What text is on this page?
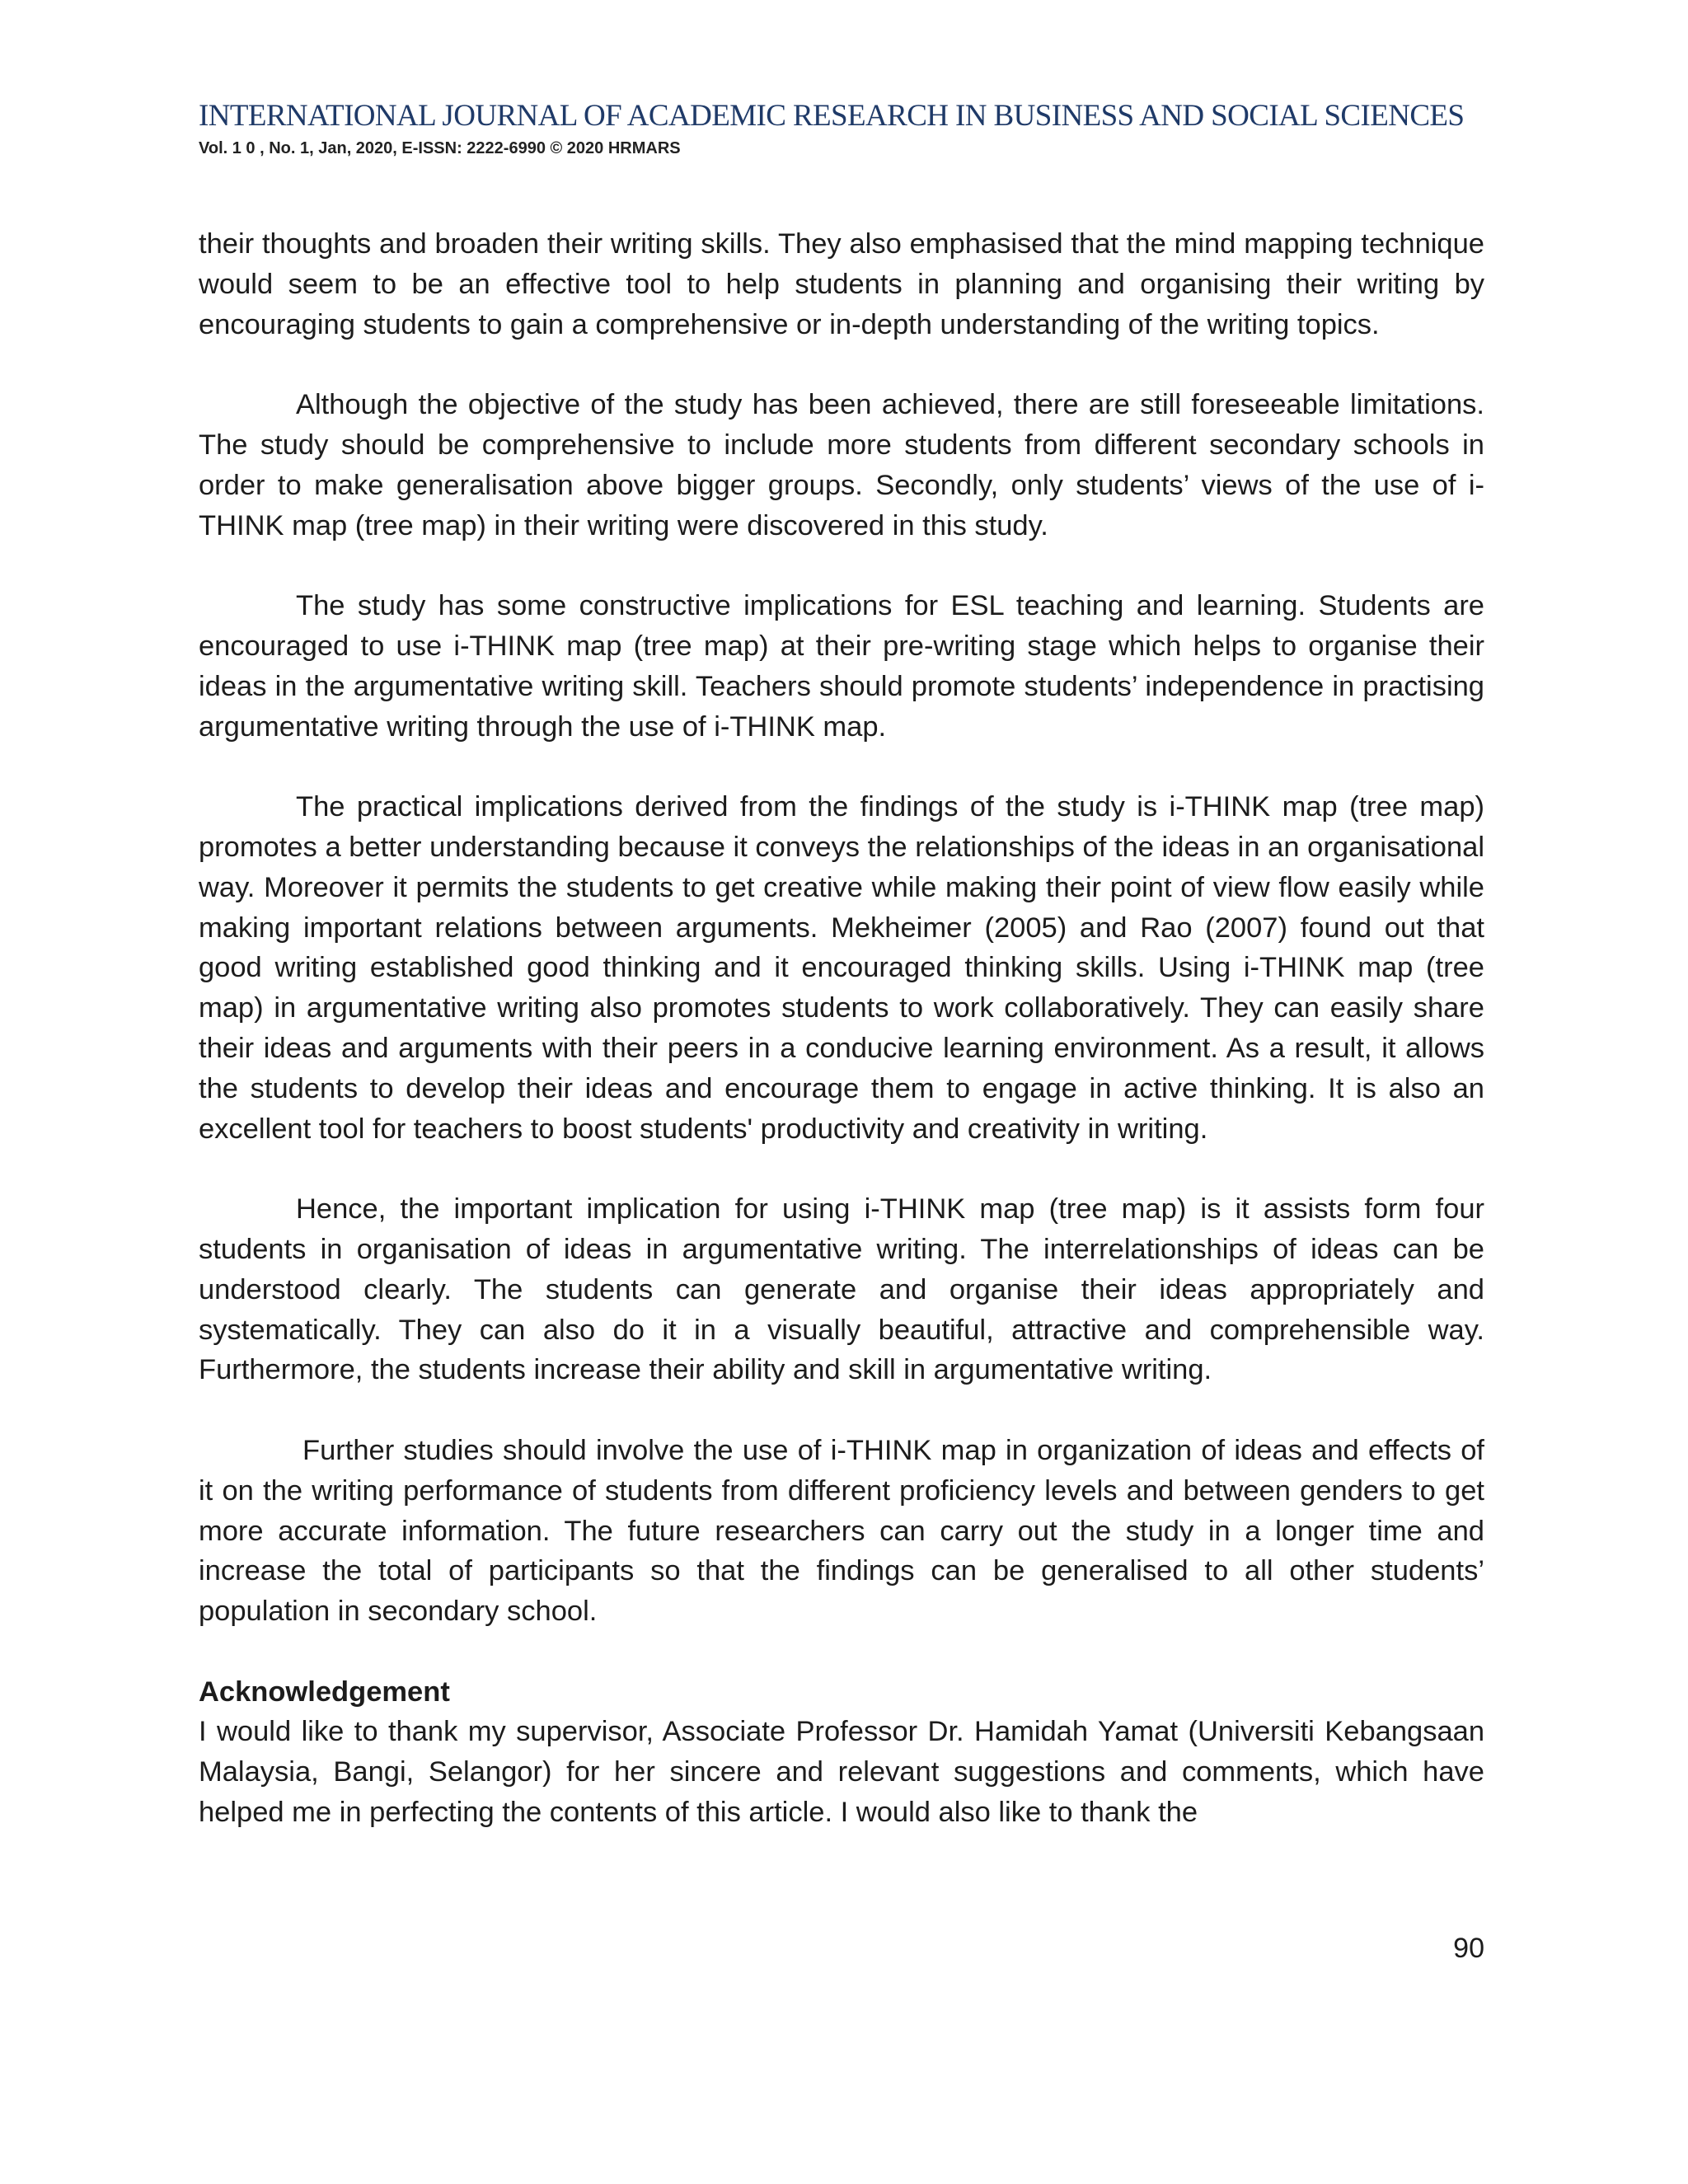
INTERNATIONAL JOURNAL OF ACADEMIC RESEARCH IN BUSINESS AND SOCIAL SCIENCES
Vol. 1 0 , No. 1, Jan, 2020, E-ISSN: 2222-6990 © 2020 HRMARS

their thoughts and broaden their writing skills. They also emphasised that the mind mapping technique would seem to be an effective tool to help students in planning and organising their writing by encouraging students to gain a comprehensive or in-depth understanding of the writing topics.

Although the objective of the study has been achieved, there are still foreseeable limitations. The study should be comprehensive to include more students from different secondary schools in order to make generalisation above bigger groups. Secondly, only students’ views of the use of i-THINK map (tree map) in their writing were discovered in this study.

The study has some constructive implications for ESL teaching and learning. Students are encouraged to use i-THINK map (tree map) at their pre-writing stage which helps to organise their ideas in the argumentative writing skill. Teachers should promote students’ independence in practising argumentative writing through the use of i-THINK map.

The practical implications derived from the findings of the study is i-THINK map (tree map) promotes a better understanding because it conveys the relationships of the ideas in an organisational way. Moreover it permits the students to get creative while making their point of view flow easily while making important relations between arguments. Mekheimer (2005) and Rao (2007) found out that good writing established good thinking and it encouraged thinking skills. Using i-THINK map (tree map) in argumentative writing also promotes students to work collaboratively. They can easily share their ideas and arguments with their peers in a conducive learning environment. As a result, it allows the students to develop their ideas and encourage them to engage in active thinking. It is also an excellent tool for teachers to boost students' productivity and creativity in writing.

Hence, the important implication for using i-THINK map (tree map) is it assists form four students in organisation of ideas in argumentative writing. The interrelationships of ideas can be understood clearly. The students can generate and organise their ideas appropriately and systematically. They can also do it in a visually beautiful, attractive and comprehensible way. Furthermore, the students increase their ability and skill in argumentative writing.

Further studies should involve the use of i-THINK map in organization of ideas and effects of it on the writing performance of students from different proficiency levels and between genders to get more accurate information. The future researchers can carry out the study in a longer time and increase the total of participants so that the findings can be generalised to all other students’ population in secondary school.

Acknowledgement

I would like to thank my supervisor, Associate Professor Dr. Hamidah Yamat (Universiti Kebangsaan Malaysia, Bangi, Selangor) for her sincere and relevant suggestions and comments, which have helped me in perfecting the contents of this article. I would also like to thank the

90
